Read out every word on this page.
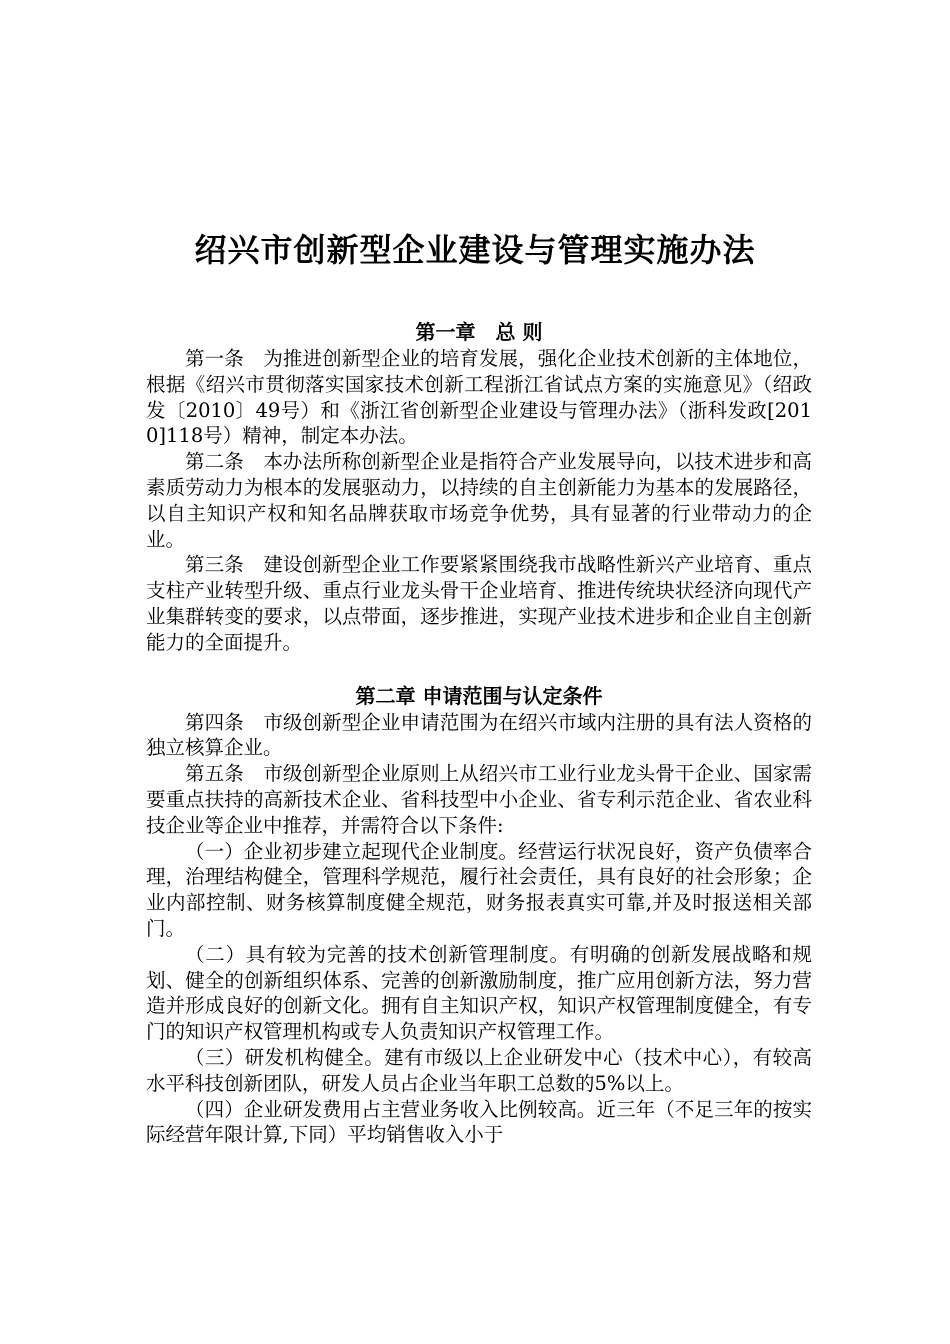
绍兴市创新型企业建设与管理实施办法
第一章　总 则

第一条 为推进创新型企业的培育发展，强化企业技术创新的主体地位，根据《绍兴市贯彻落实国家技术创新工程浙江省试点方案的实施意见》（绍政发〔2010〕49号）和《浙江省创新型企业建设与管理办法》（浙科发政[2010]118号）精神，制定本办法。

第二条 本办法所称创新型企业是指符合产业发展导向，以技术进步和高素质劳动力为根本的发展驱动力，以持续的自主创新能力为基本的发展路径，以自主知识产权和知名品牌获取市场竞争优势，具有显著的行业带动力的企业。

第三条 建设创新型企业工作要紧紧围绕我市战略性新兴产业培育、重点支柱产业转型升级、重点行业龙头骨干企业培育、推进传统块状经济向现代产业集群转变的要求，以点带面，逐步推进，实现产业技术进步和企业自主创新能力的全面提升。

第二章 申请范围与认定条件

第四条 市级创新型企业申请范围为在绍兴市域内注册的具有法人资格的独立核算企业。

第五条 市级创新型企业原则上从绍兴市工业行业龙头骨干企业、国家需要重点扶持的高新技术企业、省科技型中小企业、省专利示范企业、省农业科技企业等企业中推荐，并需符合以下条件:

（一）企业初步建立起现代企业制度。经营运行状况良好，资产负债率合理，治理结构健全，管理科学规范，履行社会责任，具有良好的社会形象；企业内部控制、财务核算制度健全规范，财务报表真实可靠,并及时报送相关部门。

（二）具有较为完善的技术创新管理制度。有明确的创新发展战略和规划、健全的创新组织体系、完善的创新激励制度，推广应用创新方法，努力营造并形成良好的创新文化。拥有自主知识产权，知识产权管理制度健全，有专门的知识产权管理机构或专人负责知识产权管理工作。

（三）研发机构健全。建有市级以上企业研发中心（技术中心），有较高水平科技创新团队，研发人员占企业当年职工总数的5%以上。

（四）企业研发费用占主营业务收入比例较高。近三年（不足三年的按实际经营年限计算,下同）平均销售收入小于
